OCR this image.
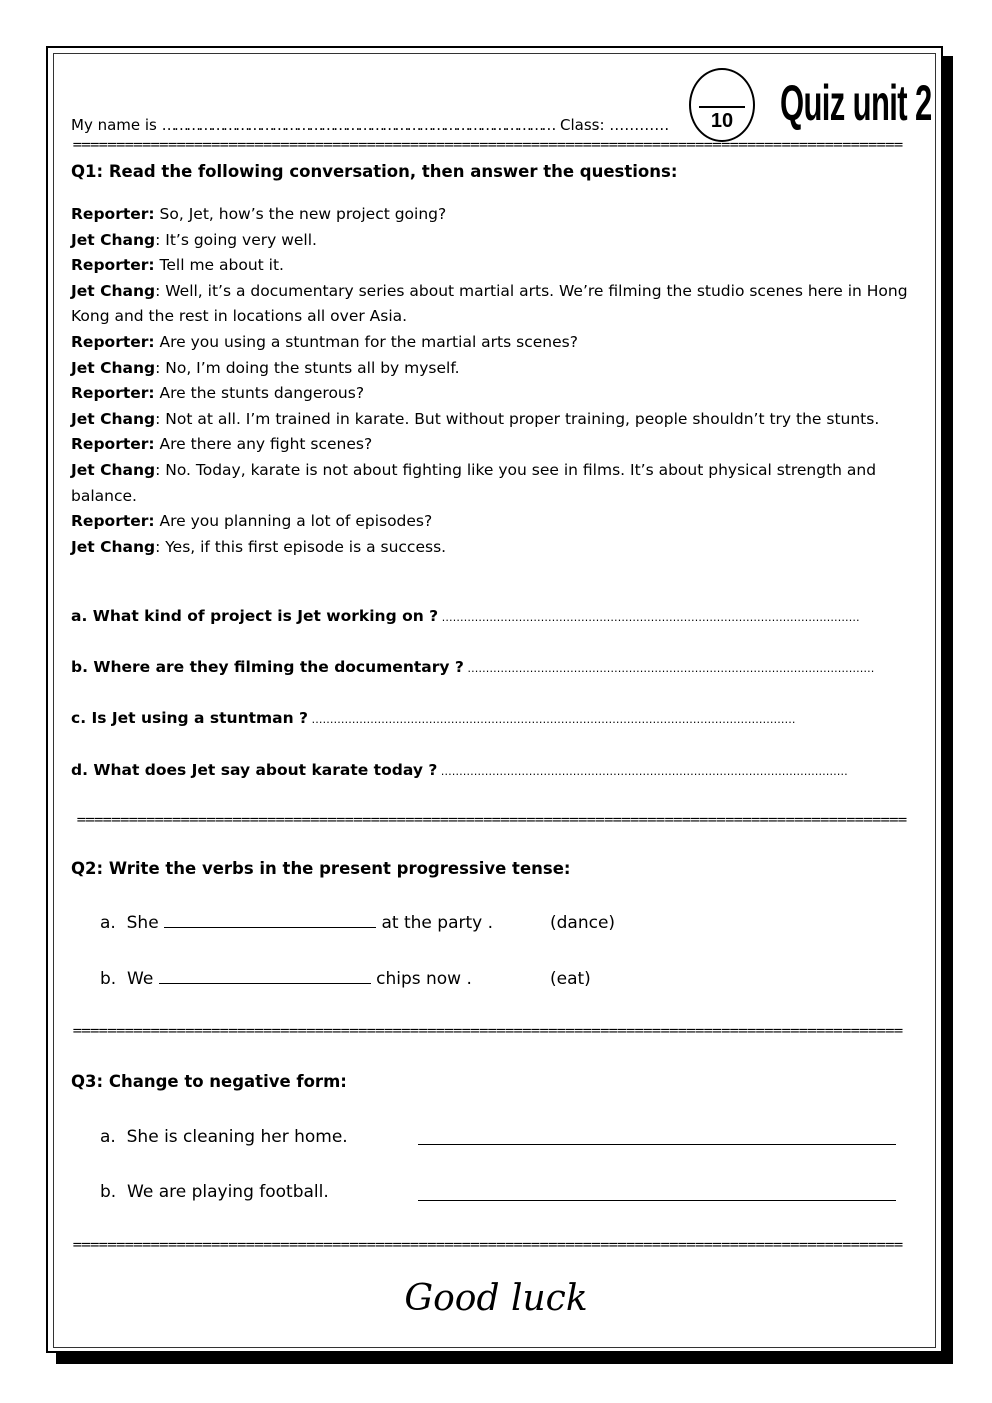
My name is …………………………………………………………………………………… Class: …………	10 Quiz unit 2
================================================================================================
Q1: Read the following conversation, then answer the questions:
Reporter: So, Jet, how’s the new project going?
Jet Chang: It’s going very well.
Reporter: Tell me about it.
Jet Chang: Well, it’s a documentary series about martial arts. We’re filming the studio scenes here in Hong Kong and the rest in locations all over Asia.
Reporter: Are you using a stuntman for the martial arts scenes?
Jet Chang: No, I’m doing the stunts all by myself.
Reporter: Are the stunts dangerous?
Jet Chang: Not at all. I’m trained in karate. But without proper training, people shouldn’t try the stunts.
Reporter: Are there any fight scenes?
Jet Chang: No. Today, karate is not about fighting like you see in films. It’s about physical strength and balance.
Reporter: Are you planning a lot of episodes?
Jet Chang: Yes, if this first episode is a success.
a. What kind of project is Jet working on ? ……………………………………………………………………………………………………
b. Where are they filming the documentary ? …………………………………………………………………………………………………
c. Is Jet using a stuntman ? ……………………………………………………………………………………………………………………
d. What does Jet say about karate today ? …………………………………………………………………………………………………
================================================================================================
Q2: Write the verbs in the present progressive tense:
a. She	at the party .	(dance)
b. We	chips now .	(eat)
================================================================================================
Q3: Change to negative form:
a. She is cleaning her home.
b. We are playing football.
================================================================================================
Good luck
